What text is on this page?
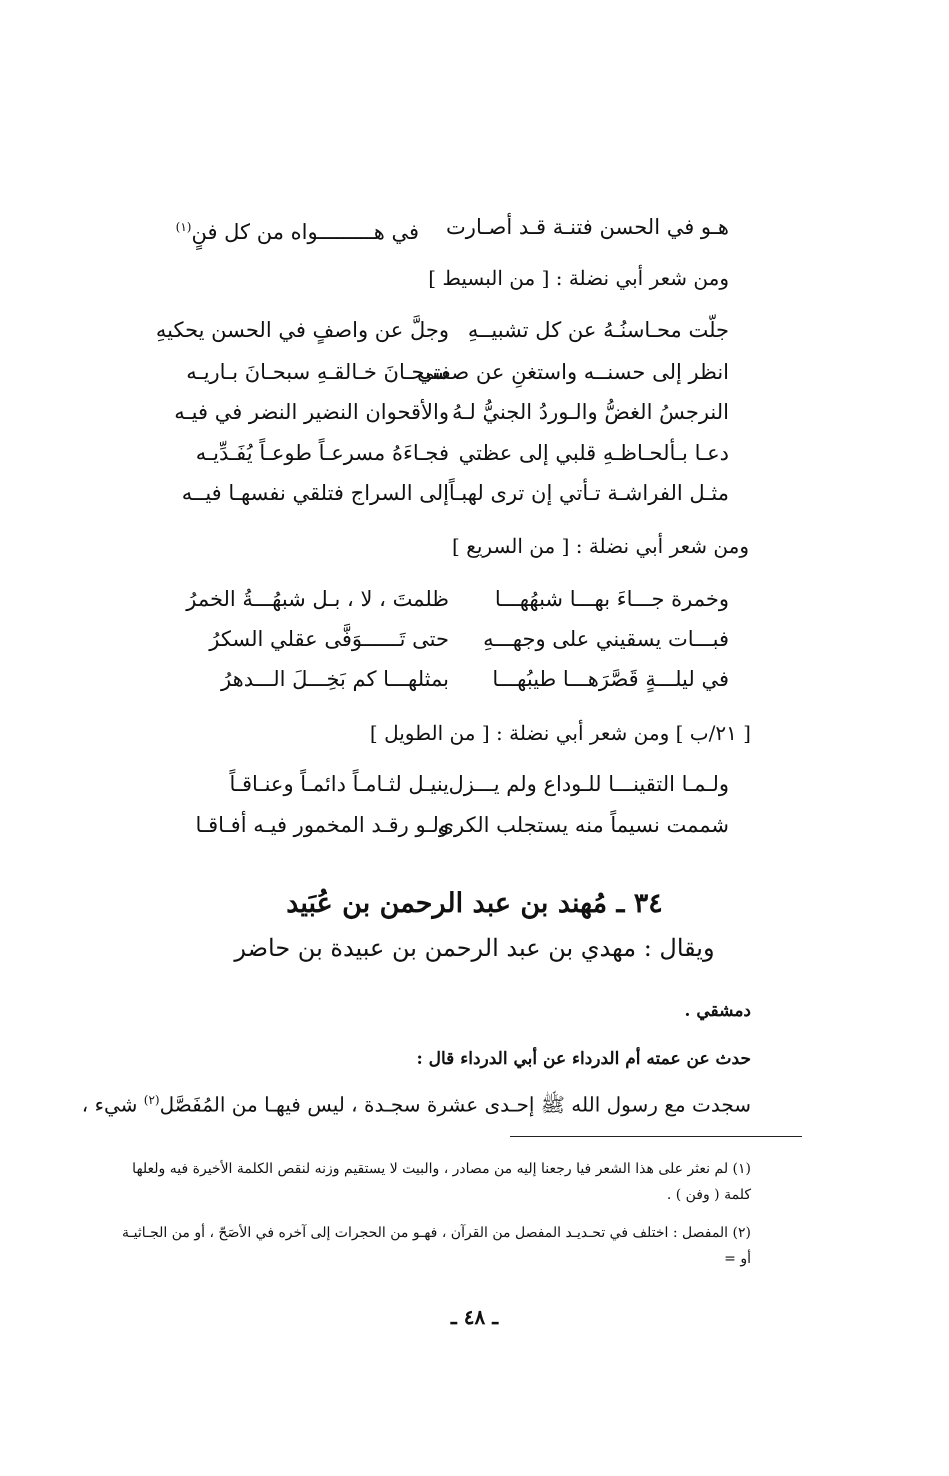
هـو في الحسن فتنـة قـد أصـارت
في هـــــــــواه من كل فنٍ$^{(١)}$
ومن شعر أبي نضلة : [ من البسيط ]
جلّت محـاسنُـهُ عن كل تشبيــهِ
وجلَّ عن واصفٍ في الحسن يحكيهِ
انظر إلى حسنــه واستغنِ عن صفتي
سبحـانَ خـالقـهِ سبحـانَ بـاريـه
النرجسُ الغضُّ والـوردُ الجنيُّ لـهُ
والأقحوان النضير النضر في فيـه
دعـا بـألحـاظـهِ قلبي إلى عظتي
فجـاءَهُ مسرعـاً طوعـاً يُفَـدِّيـه
مثـل الفراشـة تـأتي إن ترى لهبـاً
إلى السراج فتلقي نفسهـا فيــه
ومن شعر أبي نضلة : [ من السريع ]
وخمرة جـــاءَ بهـــا شبهُهـــا
ظلمتَ ، لا ، بـل شبهُـــةُ الخمرُ
فبـــات يسقيني على وجهـــهِ
حتى تَــــــوَفَّى عقلي السكرُ
في ليلـــةٍ قَصَّرَهـــا طيبُهـــا
بمثلهـــا كم بَخِـــلَ الـــدهرُ
[ ٢١/ب ] ومن شعر أبي نضلة : [ من الطويل ]
ولـمـا التقينـــا للـوداع ولم يـــزل
ينيـل لثـامـاً دائمـاً وعنـاقـاً
شممت نسيماً منه يستجلب الكرى
ولـو رقـد المخمور فيـه أفـاقـا
٣٤ ـ مُهند بن عبد الرحمن بن عُبَيد
ويقال : مهدي بن عبد الرحمن بن عبيدة بن حاضر
دمشقي .
حدث عن عمته أم الدرداء عن أبي الدرداء قال :
سجدت مع رسول الله ﷺ إحـدى عشرة سجـدة ، ليس فيهـا من المُفَصَّل$^{(٢)}$ شيء ،
(١) لم نعثر على هذا الشعر فيا رجعنا إليه من مصادر ، والبيت لا يستقيم وزنه لنقص الكلمة الأخيرة فيه ولعلها كلمة ( وفن ) .
(٢) المفصل : اختلف في تحـديـد المفصل من القرآن ، فهـو من الحجرات إلى آخره في الأصَحّ ، أو من الجـاثيـة أو =
ـ ٤٨ ـ
